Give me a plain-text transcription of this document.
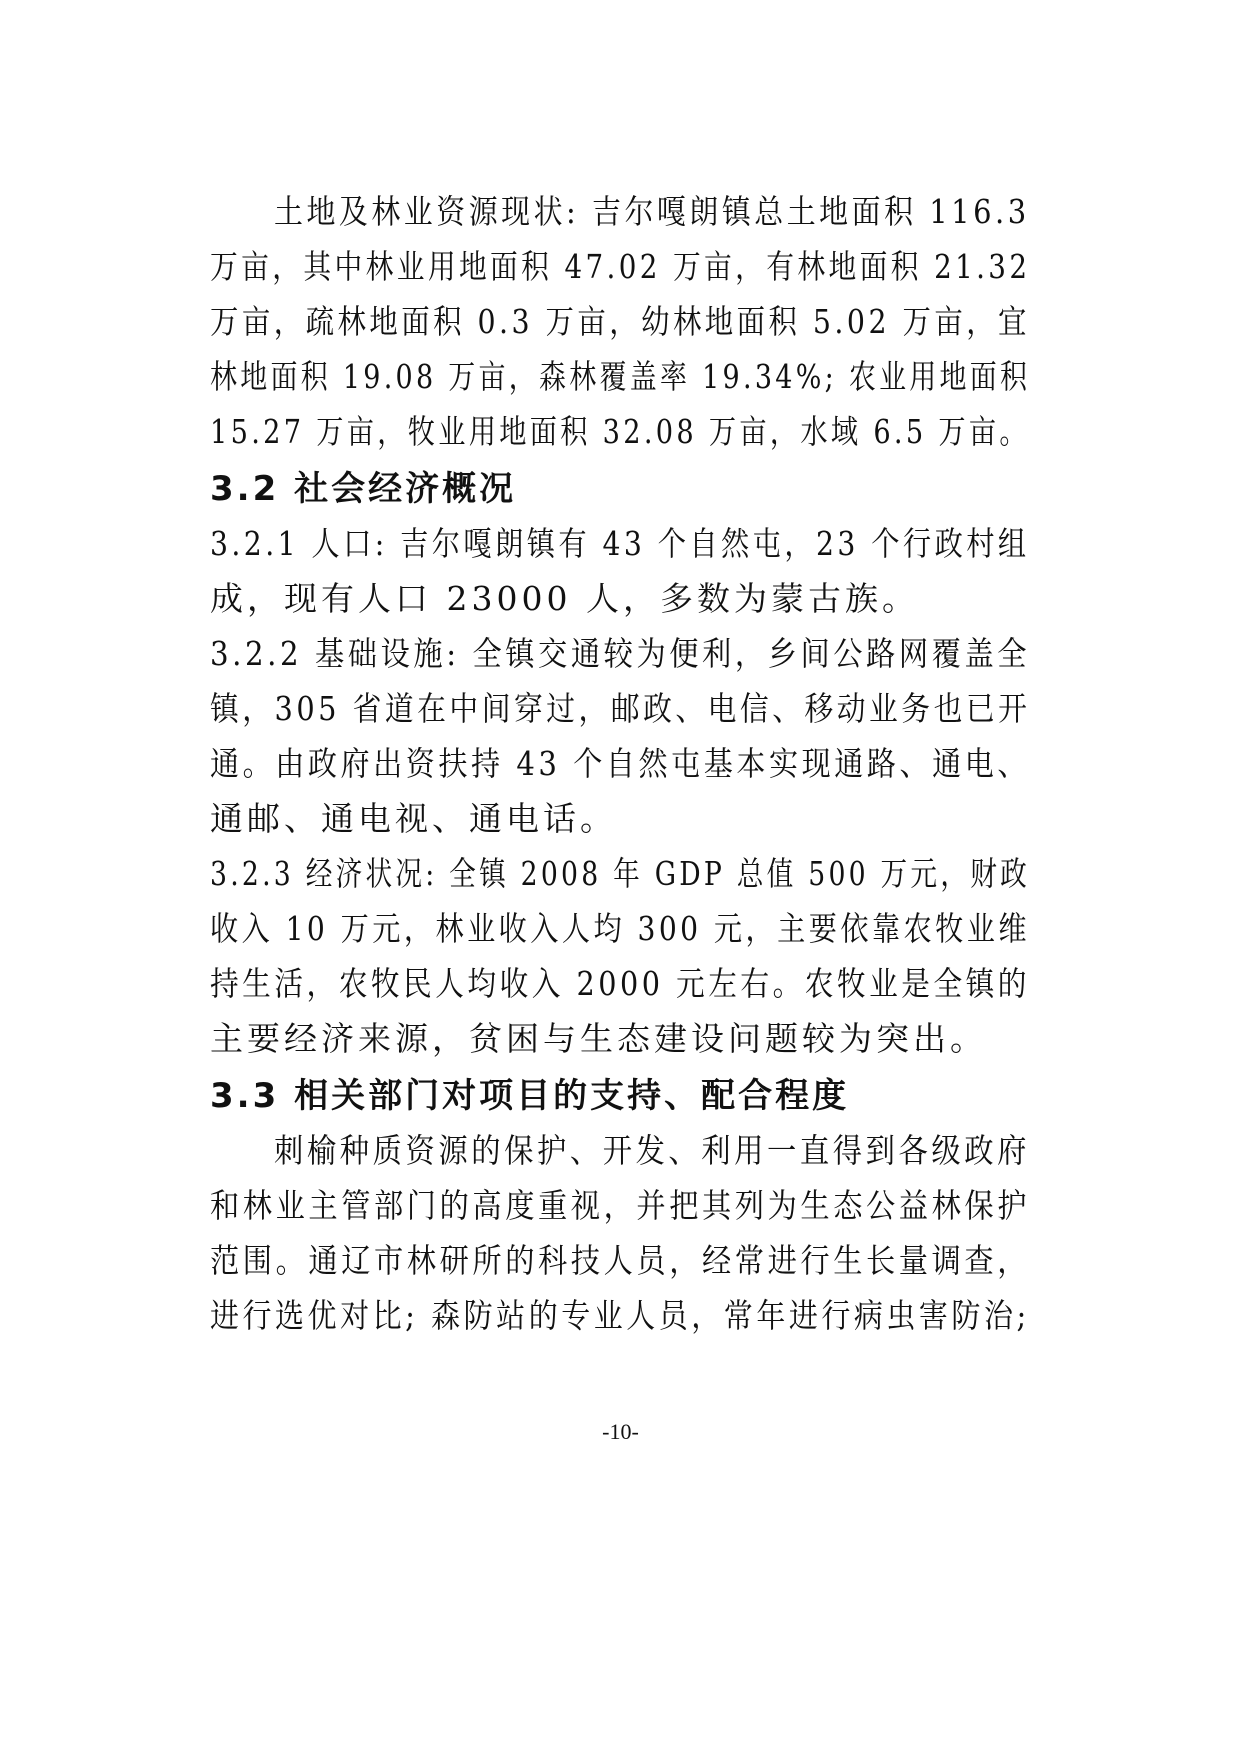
土地及林业资源现状: 吉尔嘎朗镇总土地面积 116.3
万亩，其中林业用地面积 47.02 万亩，有林地面积 21.32
万亩，疏林地面积 0.3 万亩，幼林地面积 5.02 万亩，宜
林地面积 19.08 万亩，森林覆盖率 19.34%; 农业用地面积
15.27 万亩，牧业用地面积 32.08 万亩，水域 6.5 万亩。
3.2 社会经济概况
3.2.1 人口: 吉尔嘎朗镇有 43 个自然屯，23 个行政村组
成，现有人口 23000 人，多数为蒙古族。
3.2.2 基础设施: 全镇交通较为便利，乡间公路网覆盖全
镇，305 省道在中间穿过，邮政、电信、移动业务也已开
通。由政府出资扶持 43 个自然屯基本实现通路、通电、
通邮、通电视、通电话。
3.2.3 经济状况: 全镇 2008 年 GDP 总值 500 万元，财政
收入 10 万元，林业收入人均 300 元，主要依靠农牧业维
持生活，农牧民人均收入 2000 元左右。农牧业是全镇的
主要经济来源，贫困与生态建设问题较为突出。
3.3 相关部门对项目的支持、配合程度
刺榆种质资源的保护、开发、利用一直得到各级政府
和林业主管部门的高度重视，并把其列为生态公益林保护
范围。通辽市林研所的科技人员，经常进行生长量调查，
进行选优对比; 森防站的专业人员，常年进行病虫害防治;
-10-
